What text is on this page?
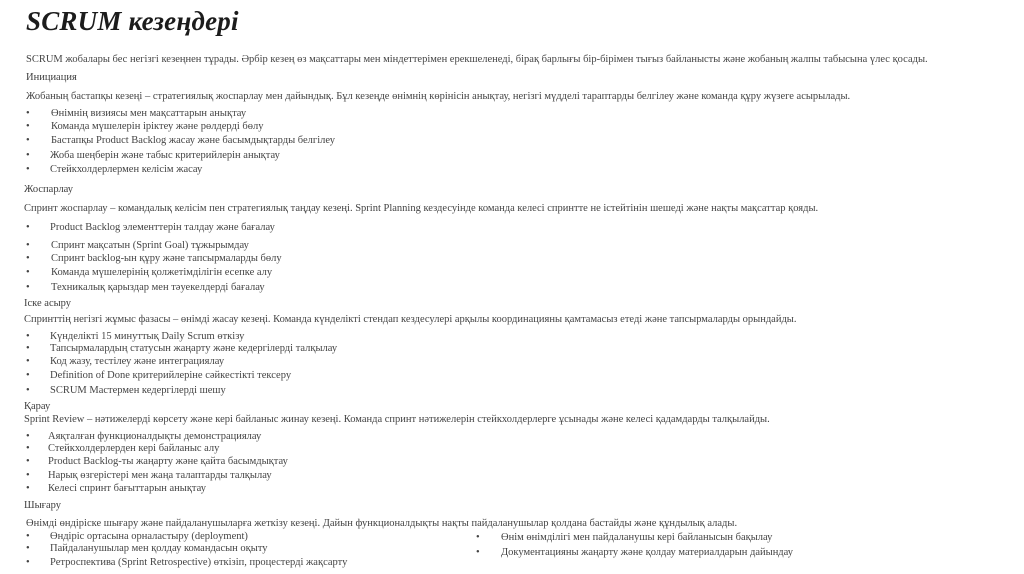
SCRUM кезеңдері
SCRUM жобалары бес негізгі кезеңнен тұрады. Әрбір кезең өз мақсаттары мен міндеттерімен ерекшеленеді, бірақ барлығы бір-бірімен тығыз байланысты және жобаның жалпы табысына үлес қосады.
Инициация
Жобаның бастапқы кезеңі – стратегиялық жоспарлау мен дайындық. Бұл кезеңде өнімнің көрінісін анықтау, негізгі мүдделі тараптарды белгілеу және команда құру жүзеге асырылады.
• Өнімнің визиясы мен мақсаттарын анықтау
• Команда мүшелерін іріктеу және рөлдерді бөлу
• Бастапқы Product Backlog жасау және басымдықтарды белгілеу
• Жоба шеңберін және табыс критерийлерін анықтау
• Стейкхолдерлермен келісім жасау
Жоспарлау
Спринт жоспарлау – командалық келісім пен стратегиялық таңдау кезеңі. Sprint Planning кездесуінде команда келесі спринтте не істейтінін шешеді және нақты мақсаттар қояды.
• Product Backlog элементтерін талдау және бағалау
• Спринт мақсатын (Sprint Goal) тұжырымдау
• Спринт backlog-ын құру және тапсырмаларды бөлу
• Команда мүшелерінің қолжетімділігін есепке алу
• Техникалық қарыздар мен тәуекелдерді бағалау
Іске асыру
Спринттің негізгі жұмыс фазасы – өнімді жасау кезеңі. Команда күнделікті стендап кездесулері арқылы координацияны қамтамасыз етеді және тапсырмаларды орындайды.
• Күнделікті 15 минуттық Daily Scrum өткізу
• Тапсырмалардың статусын жаңарту және кедергілерді талқылау
• Код жазу, тестілеу және интеграциялау
• Definition of Done критерийлеріне сәйкестікті тексеру
• SCRUM Мастермен кедергілерді шешу
Қарау
Sprint Review – нәтижелерді көрсету және кері байланыс жинау кезеңі. Команда спринт нәтижелерін стейкхолдерлерге ұсынады және келесі қадамдарды талқылайды.
• Аяқталған функционалдықты демонстрациялау
• Стейкхолдерлерден кері байланыс алу
• Product Backlog-ты жаңарту және қайта басымдықтау
• Нарық өзгерістері мен жаңа талаптарды талқылау
• Келесі спринт бағыттарын анықтау
Шығару
Өнімді өндіріске шығару және пайдаланушыларға жеткізу кезеңі. Дайын функционалдықты нақты пайдаланушылар қолдана бастайды және құндылық алады.
• Өндіріс ортасына орналастыру (deployment)
• Пайдаланушылар мен қолдау командасын оқыту
• Ретроспектива (Sprint Retrospective) өткізіп, процестерді жақсарту
• Өнім өнімділігі мен пайдаланушы кері байланысын бақылау
• Документацияны жаңарту және қолдау материалдарын дайындау
